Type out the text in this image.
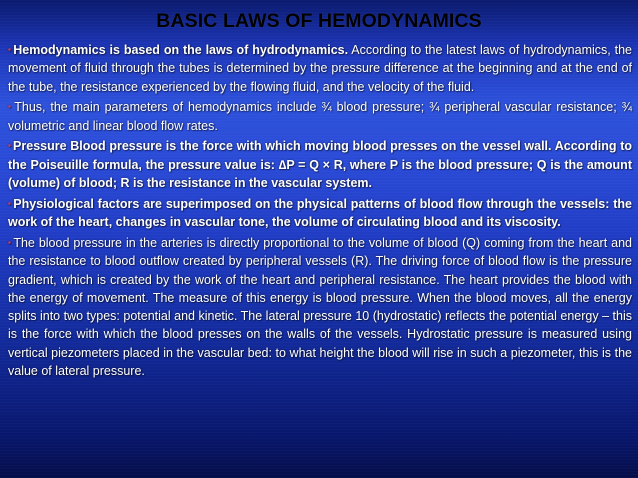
BASIC LAWS OF HEMODYNAMICS

▪ Hemodynamics is based on the laws of hydrodynamics. According to the latest laws of hydrodynamics, the movement of fluid through the tubes is determined by the pressure difference at the beginning and at the end of the tube, the resistance experienced by the flowing fluid, and the velocity of the fluid.

▪ Thus, the main parameters of hemodynamics include ¾ blood pressure; ¾ peripheral vascular resistance; ¾ volumetric and linear blood flow rates.

▪ Pressure Blood pressure is the force with which moving blood presses on the vessel wall. According to the Poiseuille formula, the pressure value is: ∆P = Q × R, where P is the blood pressure; Q is the amount (volume) of blood; R is the resistance in the vascular system.

▪ Physiological factors are superimposed on the physical patterns of blood flow through the vessels: the work of the heart, changes in vascular tone, the volume of circulating blood and its viscosity.

▪ The blood pressure in the arteries is directly proportional to the volume of blood (Q) coming from the heart and the resistance to blood outflow created by peripheral vessels (R). The driving force of blood flow is the pressure gradient, which is created by the work of the heart and peripheral resistance. The heart provides the blood with the energy of movement. The measure of this energy is blood pressure. When the blood moves, all the energy splits into two types: potential and kinetic. The lateral pressure 10 (hydrostatic) reflects the potential energy – this is the force with which the blood presses on the walls of the vessels. Hydrostatic pressure is measured using vertical piezometers placed in the vascular bed: to what height the blood will rise in such a piezometer, this is the value of lateral pressure.
